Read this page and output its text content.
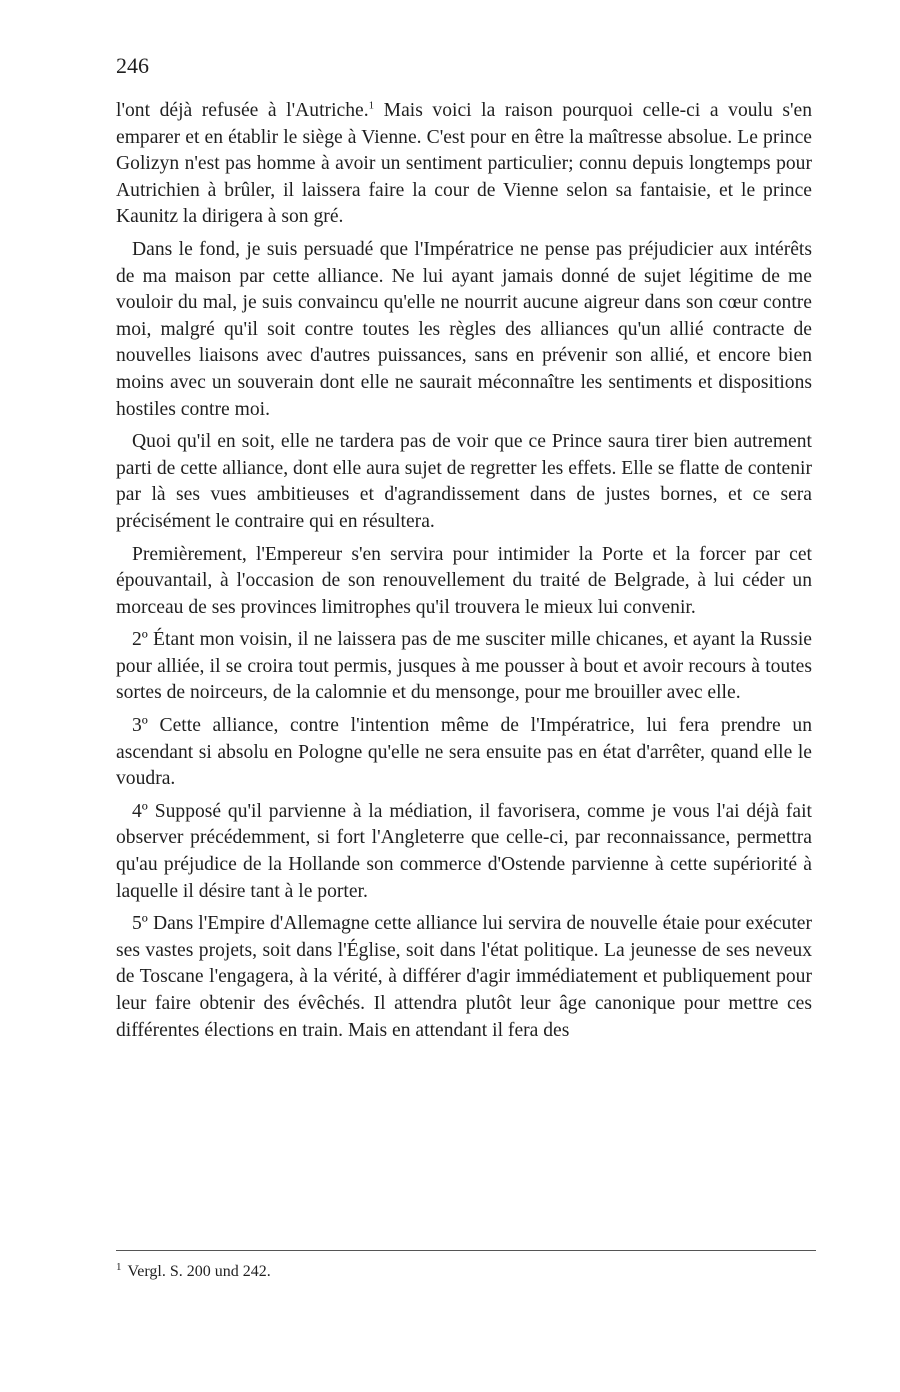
246

l'ont déjà refusée à l'Autriche.$^1$ Mais voici la raison pourquoi celle-ci a voulu s'en emparer et en établir le siège à Vienne. C'est pour en être la maîtresse absolue. Le prince Golizyn n'est pas homme à avoir un sentiment particulier; connu depuis longtemps pour Autrichien à brûler, il laissera faire la cour de Vienne selon sa fantaisie, et le prince Kaunitz la dirigera à son gré.

Dans le fond, je suis persuadé que l'Impératrice ne pense pas préjudicier aux intérêts de ma maison par cette alliance. Ne lui ayant jamais donné de sujet légitime de me vouloir du mal, je suis convaincu qu'elle ne nourrit aucune aigreur dans son cœur contre moi, malgré qu'il soit contre toutes les règles des alliances qu'un allié contracte de nouvelles liaisons avec d'autres puissances, sans en prévenir son allié, et encore bien moins avec un souverain dont elle ne saurait méconnaître les sentiments et dispositions hostiles contre moi.

Quoi qu'il en soit, elle ne tardera pas de voir que ce Prince saura tirer bien autrement parti de cette alliance, dont elle aura sujet de regretter les effets. Elle se flatte de contenir par là ses vues ambitieuses et d'agrandissement dans de justes bornes, et ce sera précisément le contraire qui en résultera.

Premièrement, l'Empereur s'en servira pour intimider la Porte et la forcer par cet épouvantail, à l'occasion de son renouvellement du traité de Belgrade, à lui céder un morceau de ses provinces limitrophes qu'il trouvera le mieux lui convenir.

2º Étant mon voisin, il ne laissera pas de me susciter mille chicanes, et ayant la Russie pour alliée, il se croira tout permis, jusques à me pousser à bout et avoir recours à toutes sortes de noirceurs, de la calomnie et du mensonge, pour me brouiller avec elle.

3º Cette alliance, contre l'intention même de l'Impératrice, lui fera prendre un ascendant si absolu en Pologne qu'elle ne sera ensuite pas en état d'arrêter, quand elle le voudra.

4º Supposé qu'il parvienne à la médiation, il favorisera, comme je vous l'ai déjà fait observer précédemment, si fort l'Angleterre que celle-ci, par reconnaissance, permettra qu'au préjudice de la Hollande son commerce d'Ostende parvienne à cette supériorité à laquelle il désire tant à le porter.

5º Dans l'Empire d'Allemagne cette alliance lui servira de nouvelle étaie pour exécuter ses vastes projets, soit dans l'Église, soit dans l'état politique. La jeunesse de ses neveux de Toscane l'engagera, à la vérité, à différer d'agir immédiatement et publiquement pour leur faire obtenir des évêchés. Il attendra plutôt leur âge canonique pour mettre ces différentes élections en train. Mais en attendant il fera des

$^1$ Vergl. S. 200 und 242.
